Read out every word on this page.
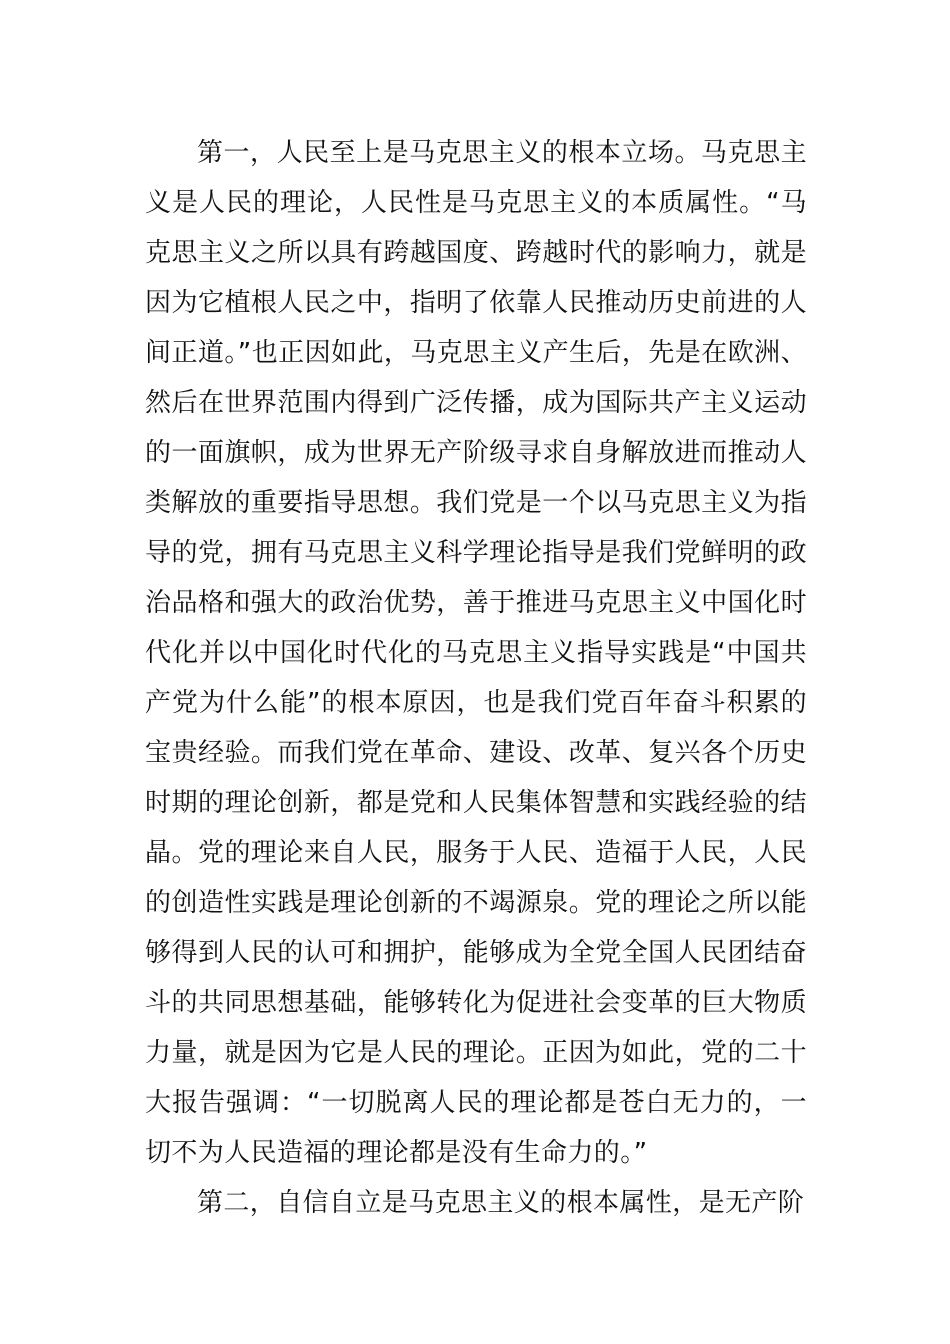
第一，人民至上是马克思主义的根本立场。马克思主义是人民的理论，人民性是马克思主义的本质属性。“马克思主义之所以具有跨越国度、跨越时代的影响力，就是因为它植根人民之中，指明了依靠人民推动历史前进的人间正道。”也正因如此，马克思主义产生后，先是在欧洲、然后在世界范围内得到广泛传播，成为国际共产主义运动的一面旗帜，成为世界无产阶级寻求自身解放进而推动人类解放的重要指导思想。我们党是一个以马克思主义为指导的党，拥有马克思主义科学理论指导是我们党鲜明的政治品格和强大的政治优势，善于推进马克思主义中国化时代化并以中国化时代化的马克思主义指导实践是“中国共产党为什么能”的根本原因，也是我们党百年奋斗积累的宝贵经验。而我们党在革命、建设、改革、复兴各个历史时期的理论创新，都是党和人民集体智慧和实践经验的结晶。党的理论来自人民，服务于人民、造福于人民，人民的创造性实践是理论创新的不竭源泉。党的理论之所以能够得到人民的认可和拥护，能够成为全党全国人民团结奋斗的共同思想基础，能够转化为促进社会变革的巨大物质力量，就是因为它是人民的理论。正因为如此，党的二十大报告强调：“一切脱离人民的理论都是苍白无力的，一切不为人民造福的理论都是没有生命力的。”

第二，自信自立是马克思主义的根本属性，是无产阶
